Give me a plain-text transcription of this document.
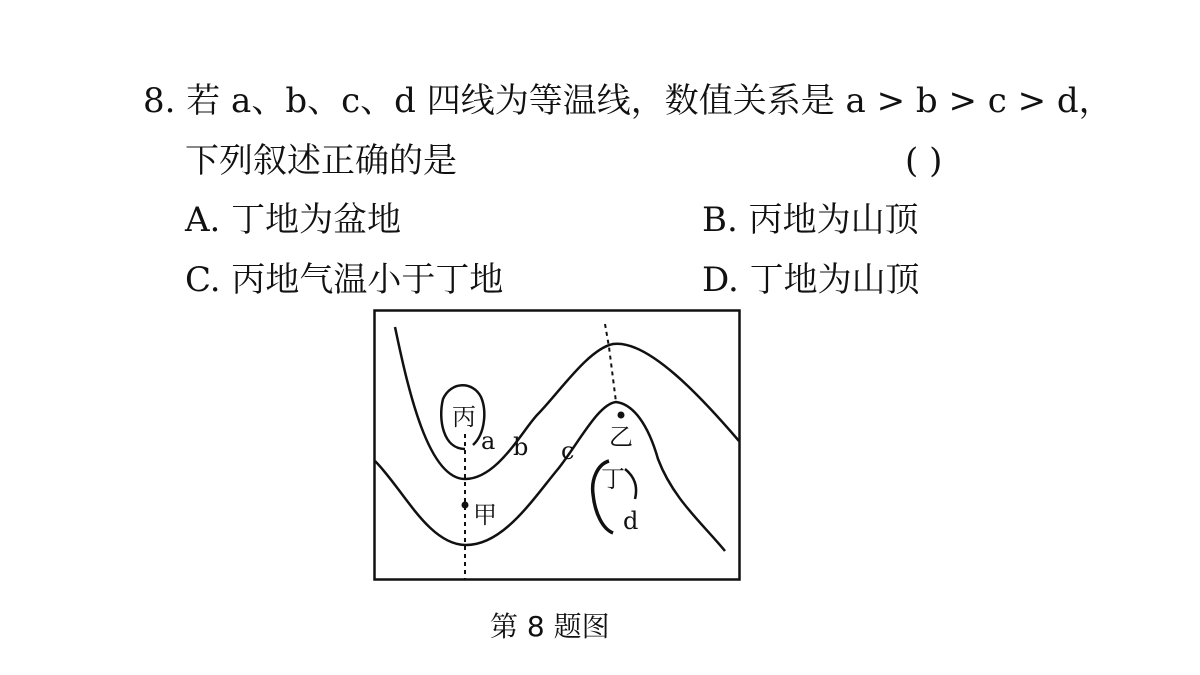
8. 若 a、b、c、d 四线为等温线，数值关系是 a > b > c > d，
下列叙述正确的是	( )
A. 丁地为盆地	B. 丙地为山顶
C. 丙地气温小于丁地	D. 丁地为山顶
丙
甲
乙
丁
a b c
d
第 8 题图
